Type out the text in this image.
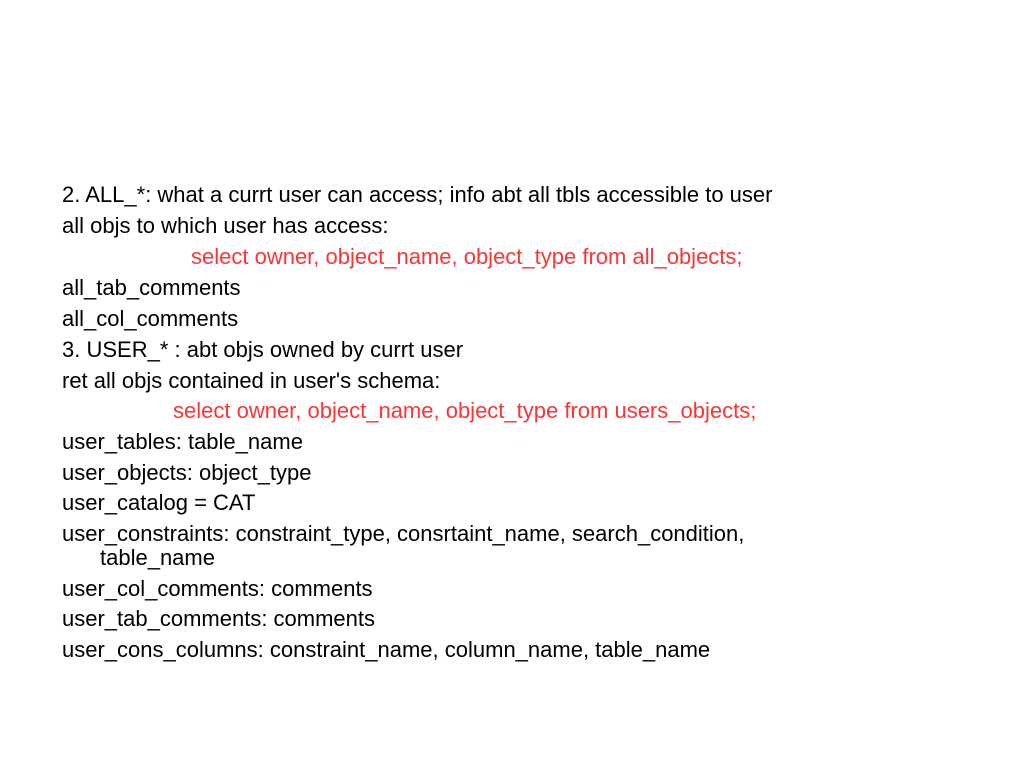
2. ALL_*: what a currt user can access; info abt all tbls accessible to user
all objs to which user has access:
select owner, object_name, object_type from all_objects;
all_tab_comments
all_col_comments
3. USER_* : abt objs owned by currt user
ret all objs contained in user's schema:
select owner, object_name, object_type from users_objects;
user_tables: table_name
user_objects: object_type
user_catalog = CAT
user_constraints: constraint_type, consrtaint_name, search_condition,
table_name
user_col_comments: comments
user_tab_comments: comments
user_cons_columns: constraint_name, column_name, table_name
